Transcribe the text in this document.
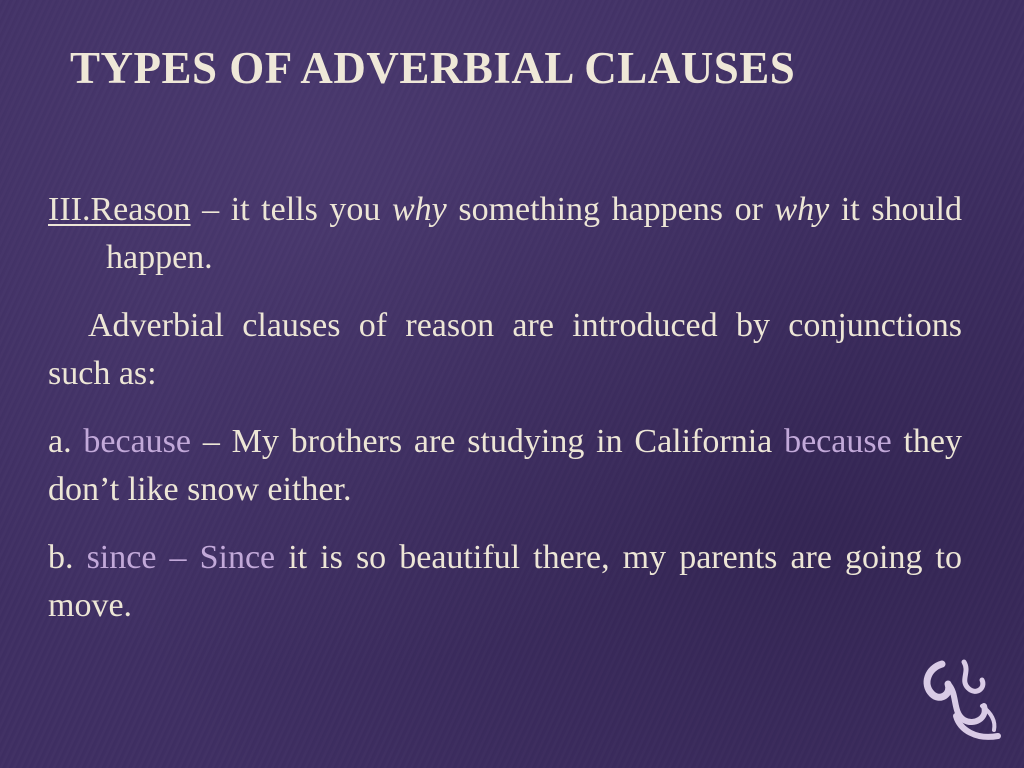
TYPES OF ADVERBIAL CLAUSES

III.Reason – it tells you why something happens or why it should happen.

Adverbial clauses of reason are introduced by conjunctions such as:

a. because – My brothers are studying in California because they don’t like snow either.

b. since – Since it is so beautiful there, my parents are going to move.
